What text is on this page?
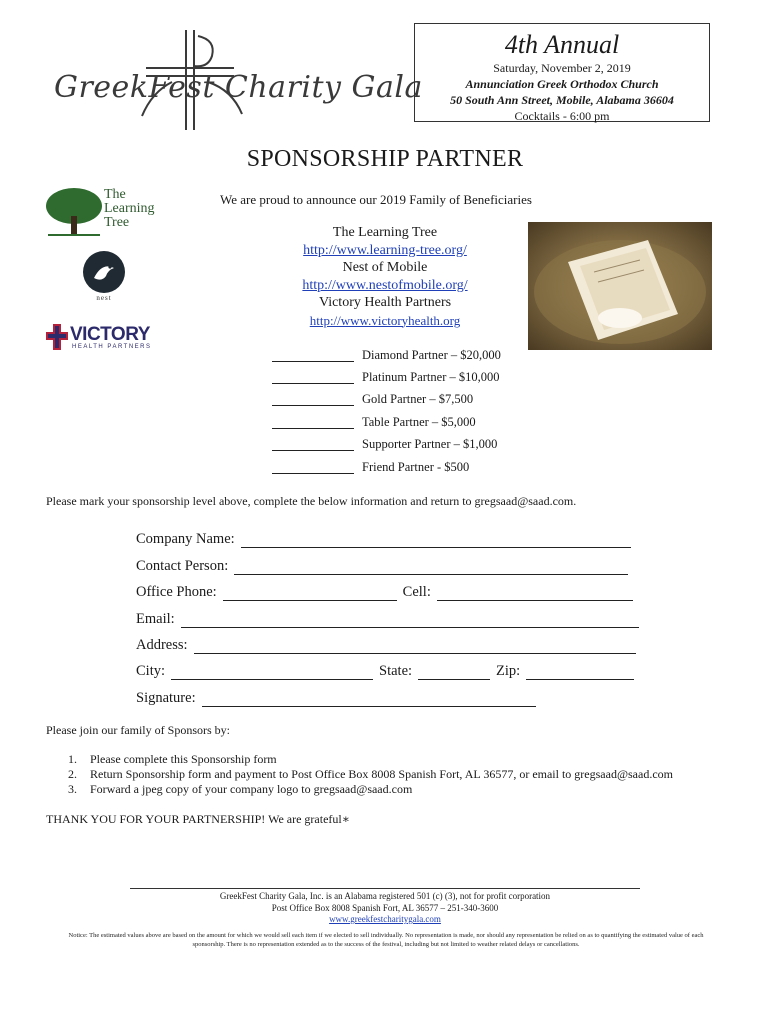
GreekFest Charity Gala
4th Annual
Saturday, November 2, 2019
Annunciation Greek Orthodox Church
50 South Ann Street, Mobile, Alabama 36604
Cocktails - 6:00 pm
SPONSORSHIP PARTNER
We are proud to announce our 2019 Family of Beneficiaries
The Learning Tree
nest
VICTORY
HEALTH PARTNERS
The Learning Tree
http://www.learning-tree.org/
Nest of Mobile
http://www.nestofmobile.org/
Victory Health Partners
http://www.victoryhealth.org
Diamond Partner – $20,000
Platinum Partner – $10,000
Gold Partner – $7,500
Table Partner – $5,000
Supporter Partner – $1,000
Friend Partner - $500
Please mark your sponsorship level above, complete the below information and return to gregsaad@saad.com.
Company Name:
Contact Person:
Office Phone:	Cell:
Email:
Address:
City:	State:	Zip:
Signature:
Please join our family of Sponsors by:
1. Please complete this Sponsorship form
2. Return Sponsorship form and payment to Post Office Box 8008 Spanish Fort, AL 36577, or email to gregsaad@saad.com
3. Forward a jpeg copy of your company logo to gregsaad@saad.com
THANK YOU FOR YOUR PARTNERSHIP! We are grateful∗
GreekFest Charity Gala, Inc. is an Alabama registered 501 (c) (3), not for profit corporation
Post Office Box 8008 Spanish Fort, AL 36577 – 251-340-3600
www.greekfestcharitygala.com
Notice: The estimated values above are based on the amount for which we would sell each item if we elected to sell individually. No representation is made, nor should any representation be relied on as to quantifying the estimated value of each sponsorship. There is no representation extended as to the success of the festival, including but not limited to weather related delays or cancellations.
